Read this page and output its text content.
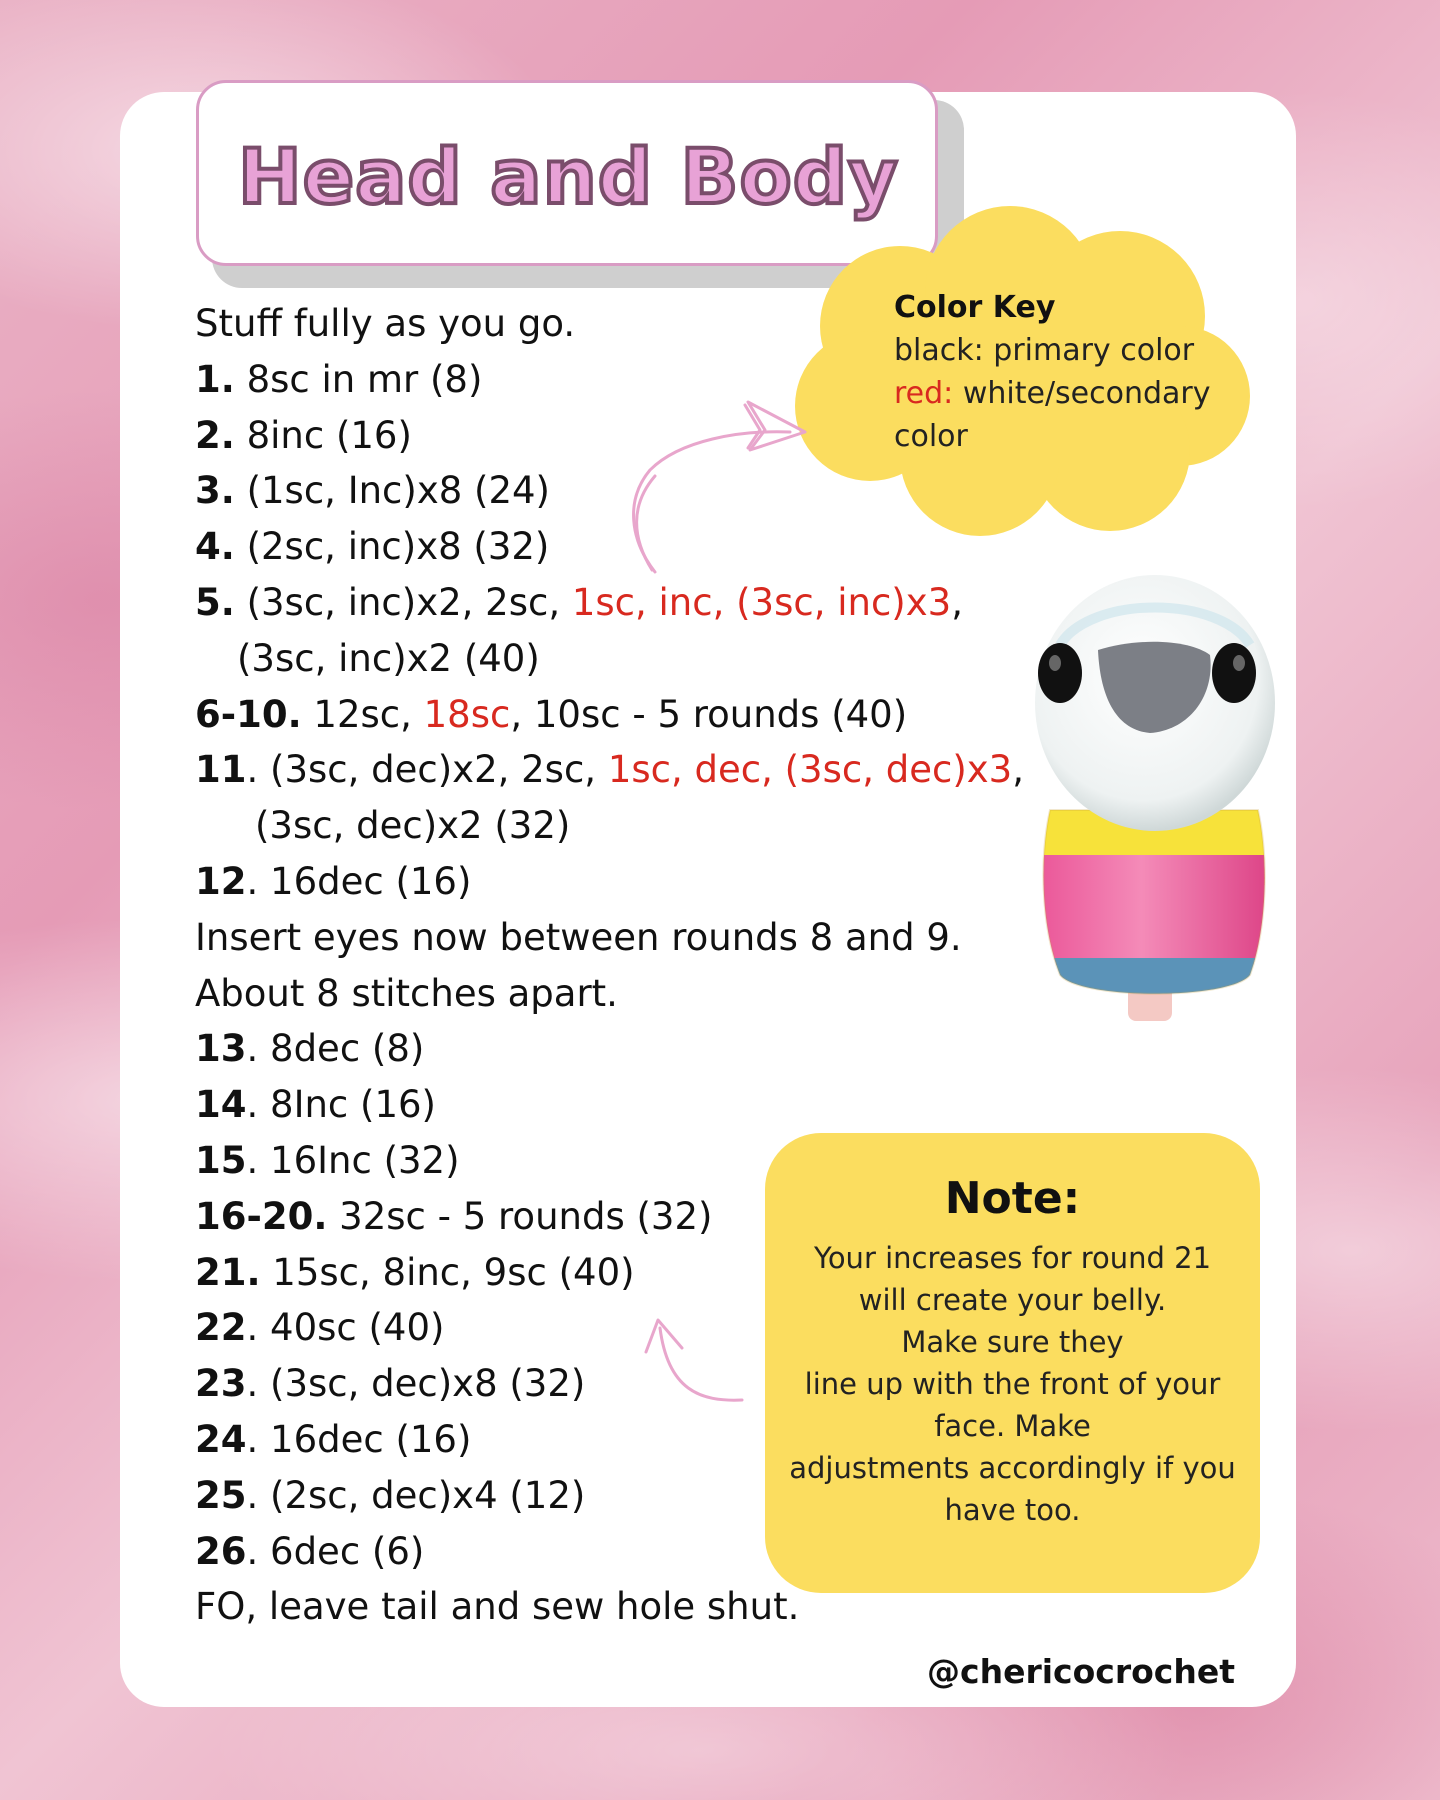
Head and Body
Color Key
black: primary color
red: white/secondary
color
Stuff fully as you go.
1. 8sc in mr (8)
2. 8inc (16)
3. (1sc, Inc)x8 (24)
4. (2sc, inc)x8 (32)
5. (3sc, inc)x2, 2sc, 1sc, inc, (3sc, inc)x3,
(3sc, inc)x2 (40)
6-10. 12sc, 18sc, 10sc - 5 rounds (40)
11. (3sc, dec)x2, 2sc, 1sc, dec, (3sc, dec)x3,
(3sc, dec)x2 (32)
12. 16dec (16)
Insert eyes now between rounds 8 and 9.
About 8 stitches apart.
13. 8dec (8)
14. 8Inc (16)
15. 16Inc (32)
16-20. 32sc - 5 rounds (32)
21. 15sc, 8inc, 9sc (40)
22. 40sc (40)
23. (3sc, dec)x8 (32)
24. 16dec (16)
25. (2sc, dec)x4 (12)
26. 6dec (6)
FO, leave tail and sew hole shut.
Note:
Your increases for round 21
will create your belly.
Make sure they
line up with the front of your
face. Make
adjustments accordingly if you
have too.
@chericocrochet
